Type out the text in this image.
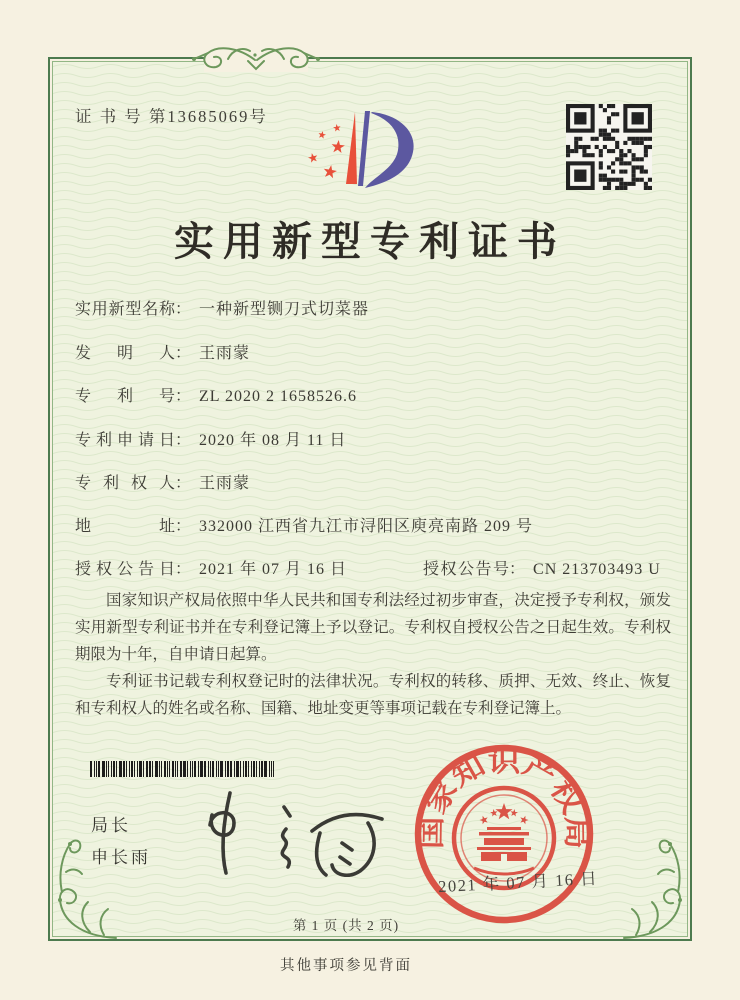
证 书 号 第13685069号
实用新型专利证书
实用新型名称： 一种新型铡刀式切菜器
发明人： 王雨蒙
专利号： ZL 2020 2 1658526.6
专利申请日： 2020 年 08 月 11 日
专利权人： 王雨蒙
地址： 332000 江西省九江市浔阳区庾亮南路 209 号
授权公告日： 2021 年 07 月 16 日	授权公告号： CN 213703493 U

国家知识产权局依照中华人民共和国专利法经过初步审查，决定授予专利权，颁发实用新型专利证书并在专利登记簿上予以登记。专利权自授权公告之日起生效。专利权期限为十年，自申请日起算。

专利证书记载专利权登记时的法律状况。专利权的转移、质押、无效、终止、恢复和专利权人的姓名或名称、国籍、地址变更等事项记载在专利登记簿上。

局长
申长雨
国家知识产权局
2021 年 07 月 16 日
第 1 页 (共 2 页)
其他事项参见背面
